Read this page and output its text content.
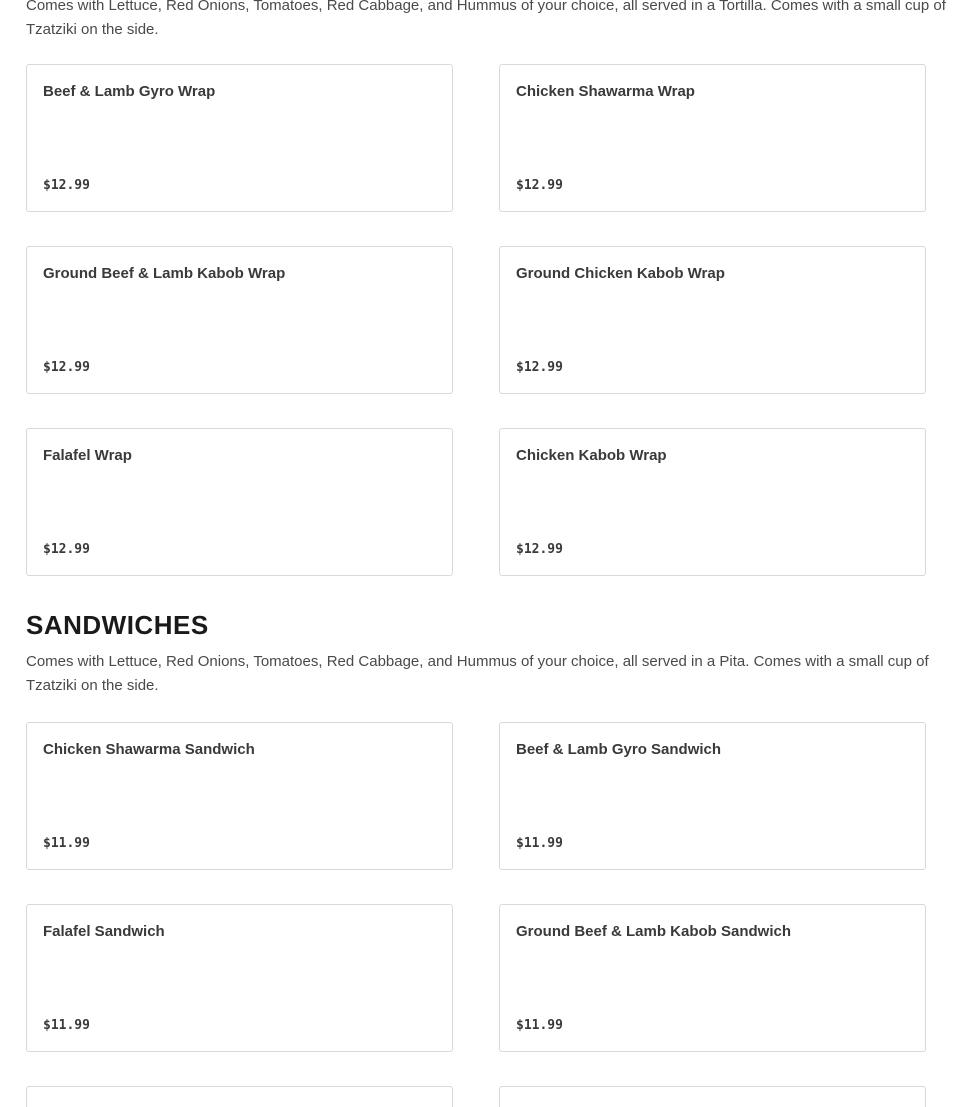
Comes with Lettuce, Red Onions, Tomatoes, Red Cabbage, and Hummus of your choice, all served in a Tortilla. Comes with a small cup of Tzatziki on the side.

Beef & Lamb Gyro Wrap
$12.99
Chicken Shawarma Wrap
$12.99
Ground Beef & Lamb Kabob Wrap
$12.99
Ground Chicken Kabob Wrap
$12.99
Falafel Wrap
$12.99
Chicken Kabob Wrap
$12.99
SANDWICHES

Comes with Lettuce, Red Onions, Tomatoes, Red Cabbage, and Hummus of your choice, all served in a Pita. Comes with a small cup of Tzatziki on the side.

Chicken Shawarma Sandwich
$11.99
Beef & Lamb Gyro Sandwich
$11.99
Falafel Sandwich
$11.99
Ground Beef & Lamb Kabob Sandwich
$11.99
